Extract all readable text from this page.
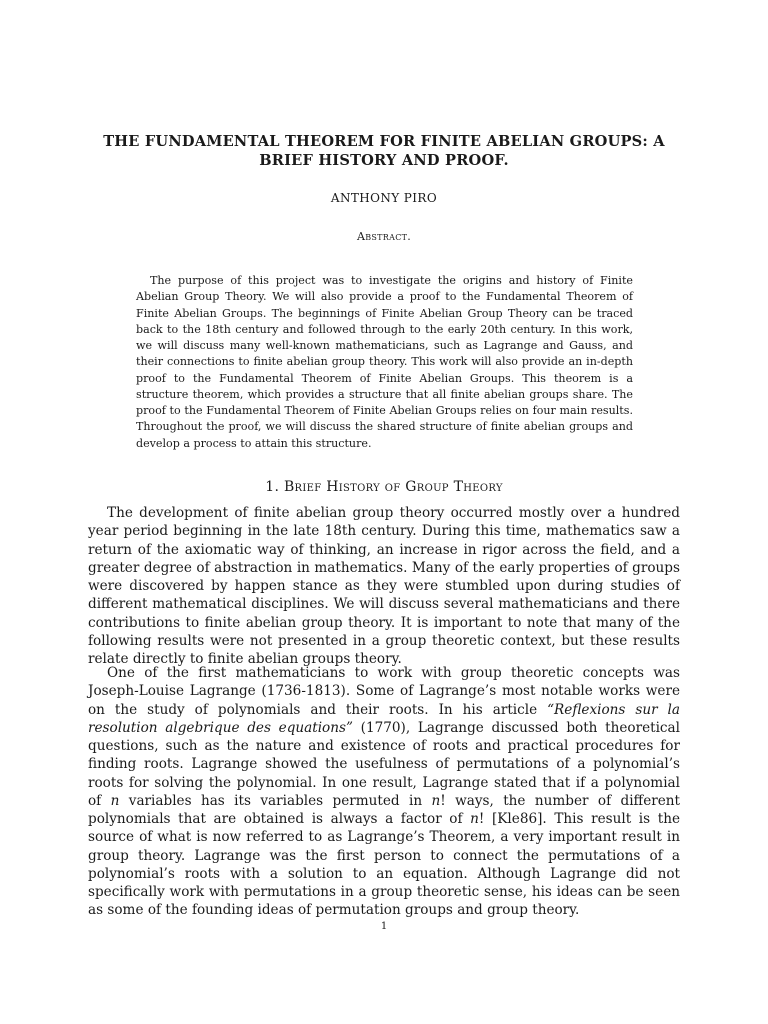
THE FUNDAMENTAL THEOREM FOR FINITE ABELIAN GROUPS: A BRIEF HISTORY AND PROOF.
ANTHONY PIRO
Abstract.

The purpose of this project was to investigate the origins and history of Finite Abelian Group Theory. We will also provide a proof to the Fundamental Theorem of Finite Abelian Groups. The beginnings of Finite Abelian Group Theory can be traced back to the 18th century and followed through to the early 20th century. In this work, we will discuss many well-known mathematicians, such as Lagrange and Gauss, and their connections to finite abelian group theory. This work will also provide an in-depth proof to the Fundamental Theorem of Finite Abelian Groups. This theorem is a structure theorem, which provides a structure that all finite abelian groups share. The proof to the Fundamental Theorem of Finite Abelian Groups relies on four main results. Throughout the proof, we will discuss the shared structure of finite abelian groups and develop a process to attain this structure.

1. Brief History of Group Theory

The development of finite abelian group theory occurred mostly over a hundred year period beginning in the late 18th century. During this time, mathematics saw a return of the axiomatic way of thinking, an increase in rigor across the field, and a greater degree of abstraction in mathematics. Many of the early properties of groups were discovered by happen stance as they were stumbled upon during studies of different mathematical disciplines. We will discuss several mathematicians and there contributions to finite abelian group theory. It is important to note that many of the following results were not presented in a group theoretic context, but these results relate directly to finite abelian groups theory.

One of the first mathematicians to work with group theoretic concepts was Joseph-Louise Lagrange (1736-1813). Some of Lagrange’s most notable works were on the study of polynomials and their roots. In his article “Reflexions sur la resolution algebrique des equations” (1770), Lagrange discussed both theoretical questions, such as the nature and existence of roots and practical procedures for finding roots. Lagrange showed the usefulness of permutations of a polynomial’s roots for solving the polynomial. In one result, Lagrange stated that if a polynomial of n variables has its variables permuted in n! ways, the number of different polynomials that are obtained is always a factor of n! [Kle86]. This result is the source of what is now referred to as Lagrange’s Theorem, a very important result in group theory. Lagrange was the first person to connect the permutations of a polynomial’s roots with a solution to an equation. Although Lagrange did not specifically work with permutations in a group theoretic sense, his ideas can be seen as some of the founding ideas of permutation groups and group theory.

1
